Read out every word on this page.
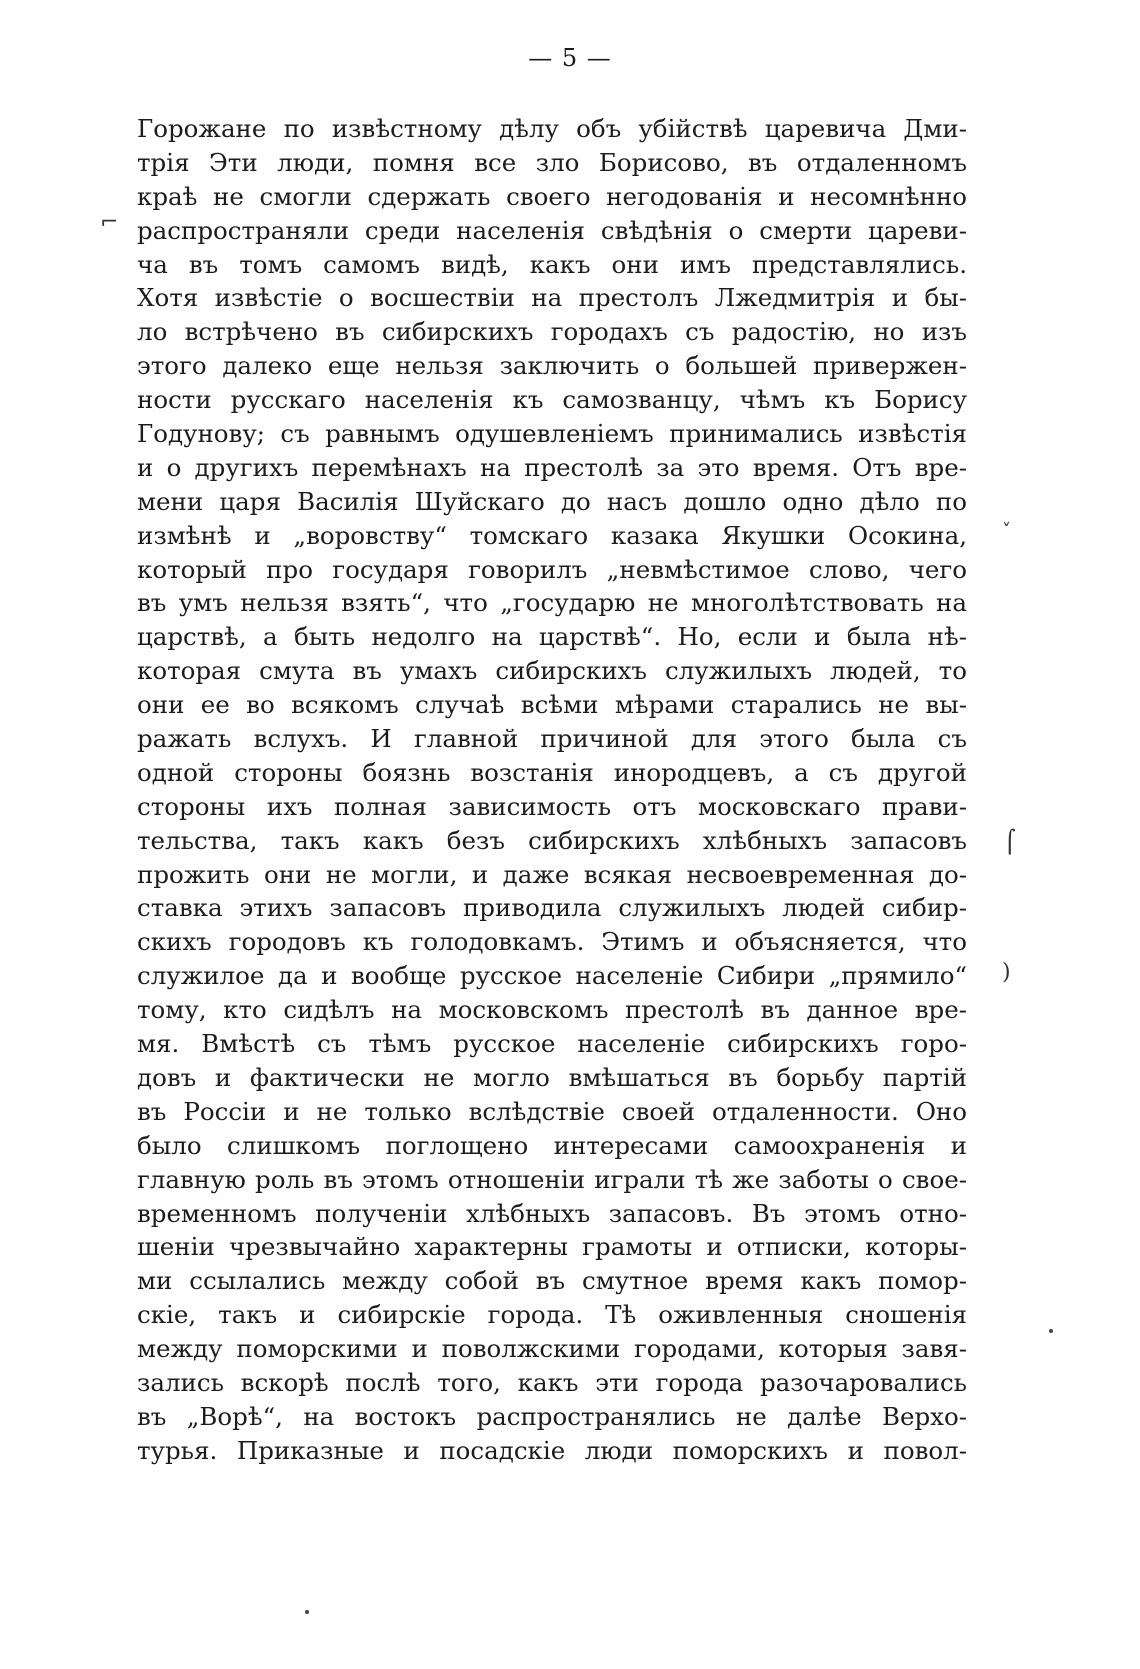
— 5 —
Горожане по извѣстному дѣлу объ убійствѣ царевича Дми-
трія Эти люди, помня все зло Борисово, въ отдаленномъ
краѣ не смогли сдержать своего негодованія и несомнѣнно
распространяли среди населенія свѣдѣнія о смерти цареви-
ча въ томъ самомъ видѣ, какъ они имъ представлялись.
Хотя извѣстіе о восшествіи на престолъ Лжедмитрія и бы-
ло встрѣчено въ сибирскихъ городахъ съ радостію, но изъ
этого далеко еще нельзя заключить о большей привержен-
ности русскаго населенія къ самозванцу, чѣмъ къ Борису
Годунову; съ равнымъ одушевленіемъ принимались извѣстія
и о другихъ перемѣнахъ на престолѣ за это время. Отъ вре-
мени царя Василія Шуйскаго до насъ дошло одно дѣло по
измѣнѣ и „воровству“ томскаго казака Якушки Осокина,
который про государя говорилъ „невмѣстимое слово, чего
въ умъ нельзя взять“, что „государю не многолѣтствовать на
царствѣ, а быть недолго на царствѣ“. Но, если и была нѣ-
которая смута въ умахъ сибирскихъ служилыхъ людей, то
они ее во всякомъ случаѣ всѣми мѣрами старались не вы-
ражать вслухъ. И главной причиной для этого была съ
одной стороны боязнь возстанія инородцевъ, а съ другой
стороны ихъ полная зависимость отъ московскаго прави-
тельства, такъ какъ безъ сибирскихъ хлѣбныхъ запасовъ
прожить они не могли, и даже всякая несвоевременная до-
ставка этихъ запасовъ приводила служилыхъ людей сибир-
скихъ городовъ къ голодовкамъ. Этимъ и объясняется, что
служилое да и вообще русское населеніе Сибири „прямило“
тому, кто сидѣлъ на московскомъ престолѣ въ данное вре-
мя. Вмѣстѣ съ тѣмъ русское населеніе сибирскихъ горо-
довъ и фактически не могло вмѣшаться въ борьбу партій
въ Россіи и не только вслѣдствіе своей отдаленности. Оно
было слишкомъ поглощено интересами самоохраненія и
главную роль въ этомъ отношеніи играли тѣ же заботы о свое-
временномъ полученіи хлѣбныхъ запасовъ. Въ этомъ отно-
шеніи чрезвычайно характерны грамоты и отписки, которы-
ми ссылались между собой въ смутное время какъ помор-
скіе, такъ и сибирскіе города. Тѣ оживленныя сношенія
между поморскими и поволжскими городами, которыя завя-
зались вскорѣ послѣ того, какъ эти города разочаровались
въ „Ворѣ“, на востокъ распространялись не далѣе Верхо-
турья. Приказные и посадскіе люди поморскихъ и повол-
⌐
˅
⌠
)
